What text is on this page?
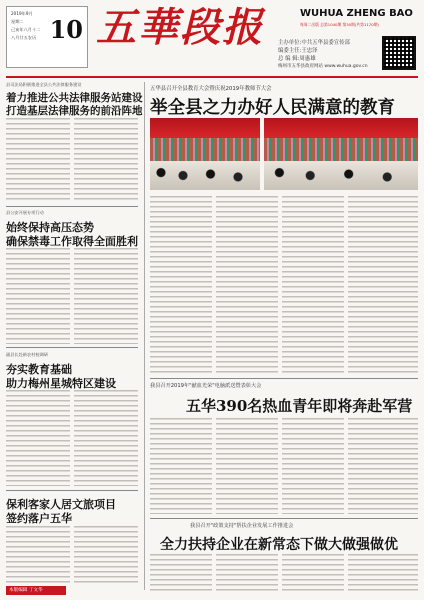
2019年9月
星期二
己亥年八月十二
八月廿五农历 10 五華段报	WUHUA ZHENG BAO
每周二出版 总第1040期 第30期(共第1170期)
主办单位:中共五华县委宣传部
编委主任:王忠泽
总 编 辑:周惠雄
梅州市五华县政府网站 www.wuhua.gov.cn
县司法局积极推进全县公共法律服务建设
着力推进公共法律服务站建设
打造基层法律服务的前沿阵地
县公安开展专项行动
始终保持高压态势
确保禁毒工作取得全面胜利
副县长赴新农村校调研
夯实教育基础
助力梅州星城特区建设
保利客家人居文旅项目
签约落户五华
五华县召开全县教育大会暨庆祝2019年教师节大会
举全县之力办好人民满意的教育
我县召开2019年"献血光荣"电脑派送暨表彰大会
五华390名热血青年即将奔赴军营
我县召开"政策支持"帮扶企业发展工作推进会
全力扶持企业在新常态下做大做强做优
本版编辑 丁文华
